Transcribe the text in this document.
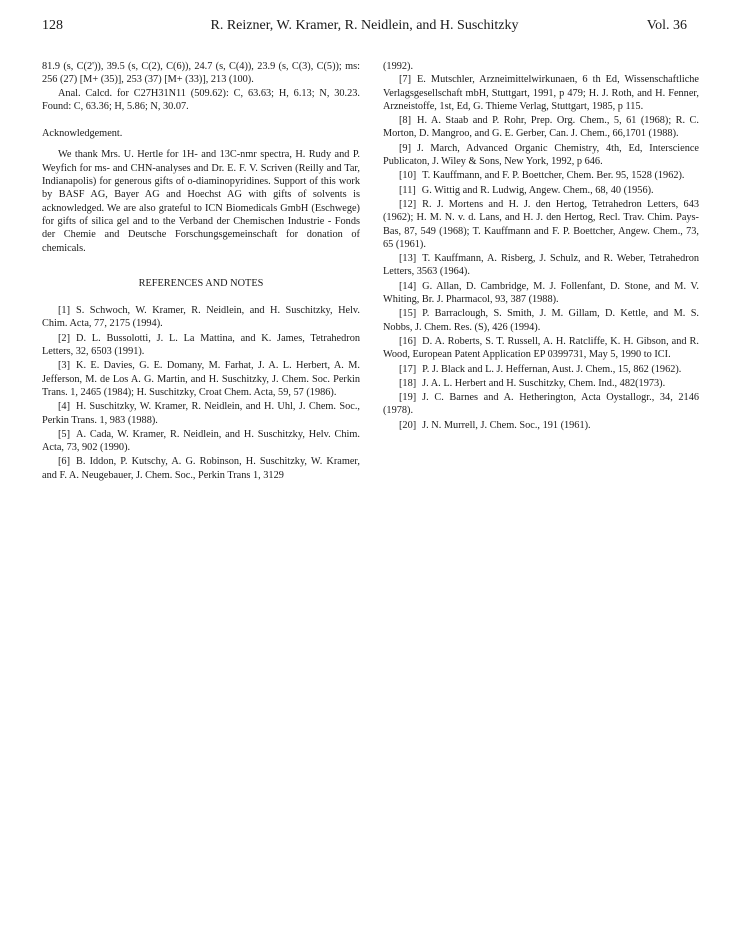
128	R. Reizner, W. Kramer, R. Neidlein, and H. Suschitzky	Vol. 36

81.9 (s, C(2')), 39.5 (s, C(2), C(6)), 24.7 (s, C(4)), 23.9 (s, C(3), C(5)); ms: 256 (27) [M+ (35)], 253 (37) [M+ (33)], 213 (100).

Anal. Calcd. for C27H31N11 (509.62): C, 63.63; H, 6.13; N, 30.23. Found: C, 63.36; H, 5.86; N, 30.07.

Acknowledgement.

We thank Mrs. U. Hertle for 1H- and 13C-nmr spectra, H. Rudy and P. Weyfich for ms- and CHN-analyses and Dr. E. F. V. Scriven (Reilly and Tar, Indianapolis) for generous gifts of o-diaminopyridines. Support of this work by BASF AG, Bayer AG and Hoechst AG with gifts of solvents is acknowledged. We are also grateful to ICN Biomedicals GmbH (Eschwege) for gifts of silica gel and to the Verband der Chemischen Industrie - Fonds der Chemie and Deutsche Forschungsgemeinschaft for donation of chemicals.

REFERENCES AND NOTES

[1] S. Schwoch, W. Kramer, R. Neidlein, and H. Suschitzky, Helv. Chim. Acta, 77, 2175 (1994).

[2] D. L. Bussolotti, J. L. La Mattina, and K. James, Tetrahedron Letters, 32, 6503 (1991).

[3] K. E. Davies, G. E. Domany, M. Farhat, J. A. L. Herbert, A. M. Jefferson, M. de Los A. G. Martin, and H. Suschitzky, J. Chem. Soc. Perkin Trans. 1, 2465 (1984); H. Suschitzky, Croat Chem. Acta, 59, 57 (1986).

[4] H. Suschitzky, W. Kramer, R. Neidlein, and H. Uhl, J. Chem. Soc., Perkin Trans. 1, 983 (1988).

[5] A. Cada, W. Kramer, R. Neidlein, and H. Suschitzky, Helv. Chim. Acta, 73, 902 (1990).

[6] B. Iddon, P. Kutschy, A. G. Robinson, H. Suschitzky, W. Kramer, and F. A. Neugebauer, J. Chem. Soc., Perkin Trans 1, 3129

(1992).

[7] E. Mutschler, Arzneimittelwirkunaen, 6 th Ed, Wissenschaftliche Verlagsgesellschaft mbH, Stuttgart, 1991, p 479; H. J. Roth, and H. Fenner, Arzneistoffe, 1st, Ed, G. Thieme Verlag, Stuttgart, 1985, p 115.

[8] H. A. Staab and P. Rohr, Prep. Org. Chem., 5, 61 (1968); R. C. Morton, D. Mangroo, and G. E. Gerber, Can. J. Chem., 66,1701 (1988).

[9] J. March, Advanced Organic Chemistry, 4th, Ed, Interscience Publicaton, J. Wiley & Sons, New York, 1992, p 646.

[10] T. Kauffmann, and F. P. Boettcher, Chem. Ber. 95, 1528 (1962).

[11] G. Wittig and R. Ludwig, Angew. Chem., 68, 40 (1956).

[12] R. J. Mortens and H. J. den Hertog, Tetrahedron Letters, 643 (1962); H. M. N. v. d. Lans, and H. J. den Hertog, Recl. Trav. Chim. Pays-Bas, 87, 549 (1968); T. Kauffmann and F. P. Boettcher, Angew. Chem., 73, 65 (1961).

[13] T. Kauffmann, A. Risberg, J. Schulz, and R. Weber, Tetrahedron Letters, 3563 (1964).

[14] G. Allan, D. Cambridge, M. J. Follenfant, D. Stone, and M. V. Whiting, Br. J. Pharmacol, 93, 387 (1988).

[15] P. Barraclough, S. Smith, J. M. Gillam, D. Kettle, and M. S. Nobbs, J. Chem. Res. (S), 426 (1994).

[16] D. A. Roberts, S. T. Russell, A. H. Ratcliffe, K. H. Gibson, and R. Wood, European Patent Application EP 0399731, May 5, 1990 to ICI.

[17] P. J. Black and L. J. Heffernan, Aust. J. Chem., 15, 862 (1962).

[18] J. A. L. Herbert and H. Suschitzky, Chem. Ind., 482(1973).

[19] J. C. Barnes and A. Hetherington, Acta Oystallogr., 34, 2146 (1978).

[20] J. N. Murrell, J. Chem. Soc., 191 (1961).
